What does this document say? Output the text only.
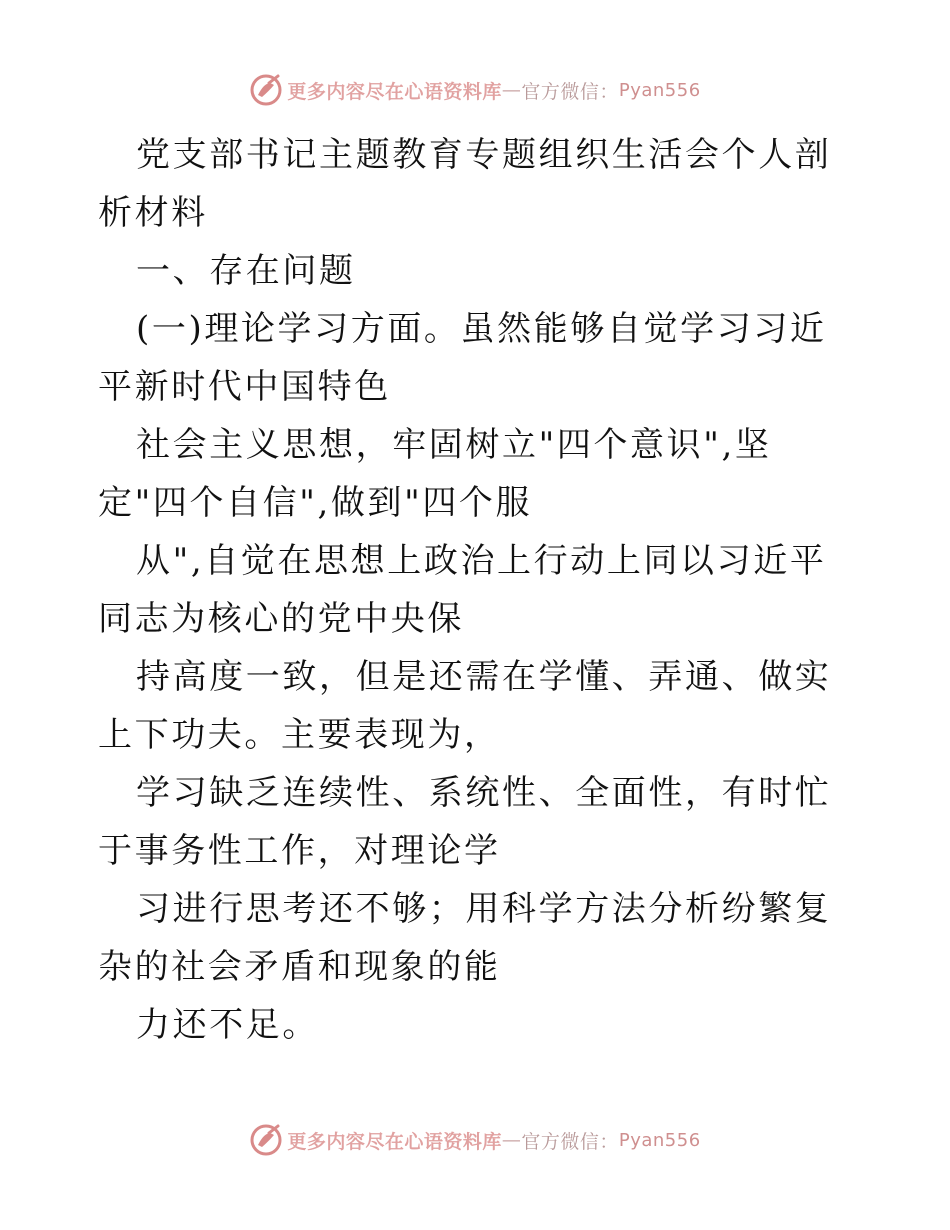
更多内容尽在心语资料库 — 官方微信： Pyan556

党支部书记主题教育专题组织生活会个人剖析材料

一、存在问题

(一)理论学习方面。虽然能够自觉学习习近平新时代中国特色

社会主义思想，牢固树立"四个意识",坚定"四个自信",做到"四个服

从",自觉在思想上政治上行动上同以习近平同志为核心的党中央保

持高度一致，但是还需在学懂、弄通、做实上下功夫。主要表现为，

学习缺乏连续性、系统性、全面性，有时忙于事务性工作，对理论学

习进行思考还不够；用科学方法分析纷繁复杂的社会矛盾和现象的能

力还不足。

更多内容尽在心语资料库 — 官方微信： Pyan556
